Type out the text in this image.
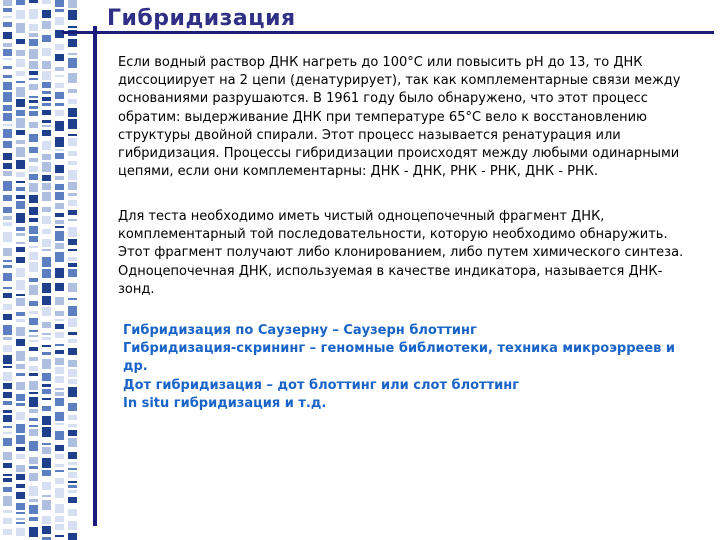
Гибридизация

Если водный раствор ДНК нагреть до 100°С или повысить рН до 13, то ДНК диссоциирует на 2 цепи (денатурирует), так как комплементарные связи между основаниями разрушаются. В 1961 году было обнаружено, что этот процесс обратим: выдерживание ДНК при температуре 65°С вело к восстановлению структуры двойной спирали. Этот процесс называется ренатурация или гибридизация. Процессы гибридизации происходят между любыми одинарными цепями, если они комплементарны: ДНК - ДНК, РНК - РНК, ДНК - РНК.

Для теста необходимо иметь чистый одноцепочечный фрагмент ДНК, комплементарный той последовательности, которую необходимо обнаружить. Этот фрагмент получают либо клонированием, либо путем химического синтеза. Одноцепочечная ДНК, используемая в качестве индикатора, называется ДНК-зонд.

Гибридизация по Саузерну – Саузерн блоттинг
Гибридизация-скрининг – геномные библиотеки, техника микроэрреев и др.
Дот гибридизация – дот блоттинг или слот блоттинг
In situ гибридизация и т.д.
